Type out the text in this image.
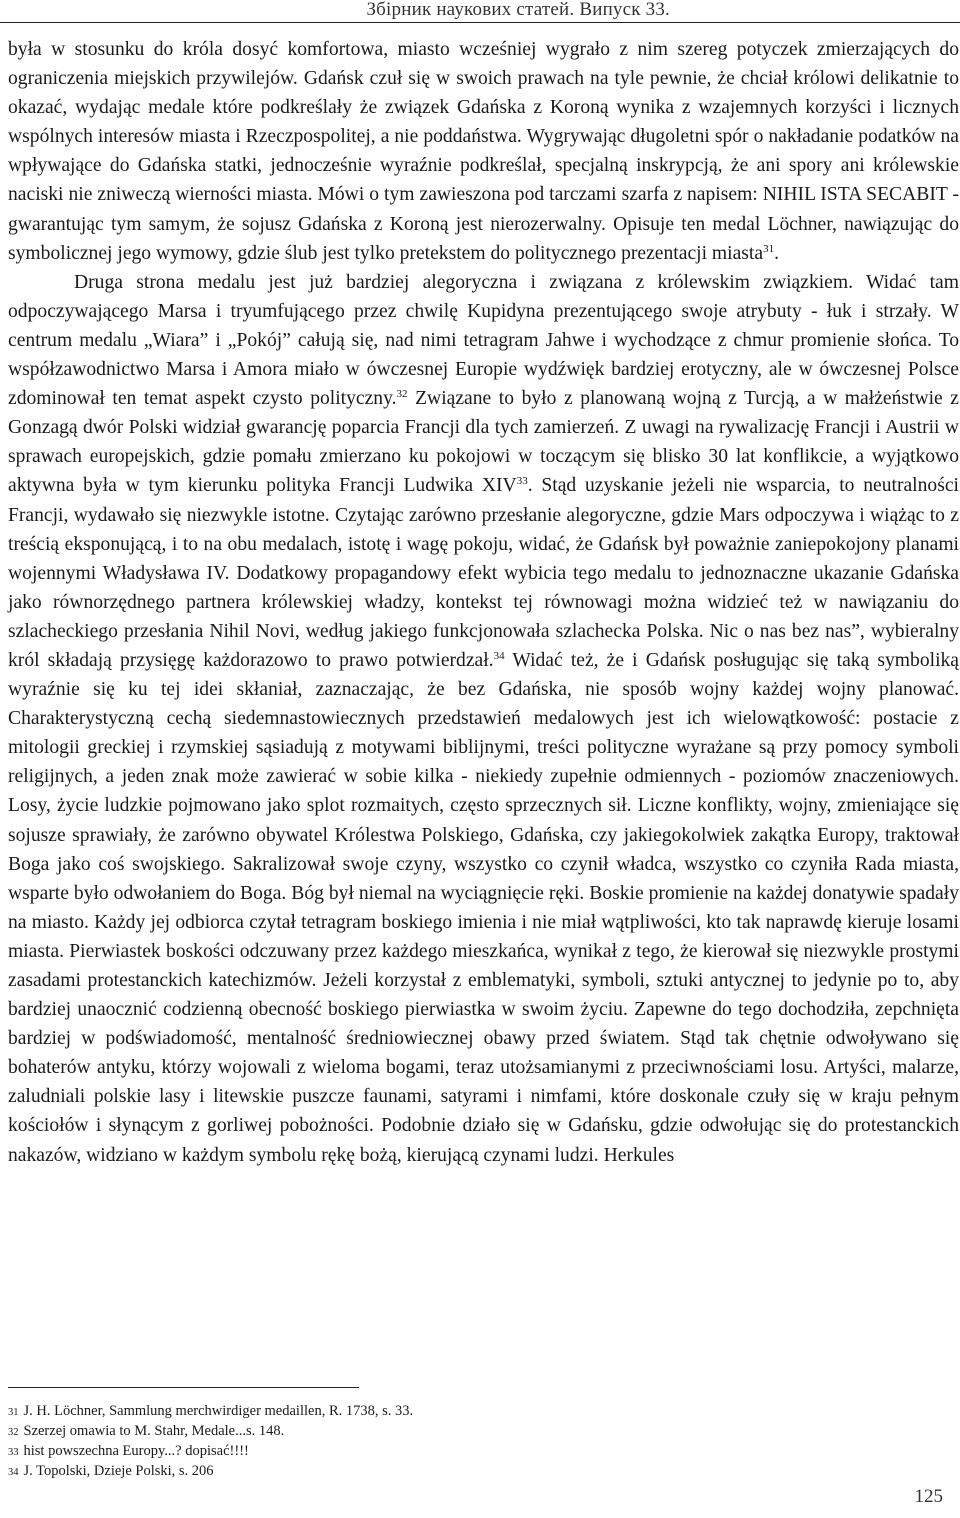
Збірник наукових статей. Випуск 33.

była w stosunku do króla dosyć komfortowa, miasto wcześniej wygrało z nim szereg potyczek zmierzających do ograniczenia miejskich przywilejów. Gdańsk czuł się w swoich prawach na tyle pewnie, że chciał królowi delikatnie to okazać, wydając medale które podkreślały że związek Gdańska z Koroną wynika z wzajemnych korzyści i licznych wspólnych interesów miasta i Rzeczpospolitej, a nie poddaństwa. Wygrywając długoletni spór o nakładanie podatków na wpływające do Gdańska statki, jednocześnie wyraźnie podkreślał, specjalną inskrypcją, że ani spory ani królewskie naciski nie zniweczą wierności miasta. Mówi o tym zawieszona pod tarczami szarfa z napisem: NIHIL ISTA SECABIT - gwarantując tym samym, że sojusz Gdańska z Koroną jest nierozerwalny. Opisuje ten medal Löchner, nawiązując do symbolicznej jego wymowy, gdzie ślub jest tylko pretekstem do politycznego prezentacji miasta$^{31}$.

Druga strona medalu jest już bardziej alegoryczna i związana z królewskim związkiem. Widać tam odpoczywającego Marsa i tryumfującego przez chwilę Kupidyna prezentującego swoje atrybuty - łuk i strzały. W centrum medalu „Wiara” i „Pokój” całują się, nad nimi tetragram Jahwe i wychodzące z chmur promienie słońca. To współzawodnictwo Marsa i Amora miało w ówczesnej Europie wydźwięk bardziej erotyczny, ale w ówczesnej Polsce zdominował ten temat aspekt czysto polityczny.$^{32}$ Związane to było z planowaną wojną z Turcją, a w małżeństwie z Gonzagą dwór Polski widział gwarancję poparcia Francji dla tych zamierzeń. Z uwagi na rywalizację Francji i Austrii w sprawach europejskich, gdzie pomału zmierzano ku pokojowi w toczącym się blisko 30 lat konflikcie, a wyjątkowo aktywna była w tym kierunku polityka Francji Ludwika XIV$^{33}$. Stąd uzyskanie jeżeli nie wsparcia, to neutralności Francji, wydawało się niezwykle istotne. Czytając zarówno przesłanie alegoryczne, gdzie Mars odpoczywa i wiążąc to z treścią eksponującą, i to na obu medalach, istotę i wagę pokoju, widać, że Gdańsk był poważnie zaniepokojony planami wojennymi Władysława IV. Dodatkowy propagandowy efekt wybicia tego medalu to jednoznaczne ukazanie Gdańska jako równorzędnego partnera królewskiej władzy, kontekst tej równowagi można widzieć też w nawiązaniu do szlacheckiego przesłania Nihil Novi, według jakiego funkcjonowała szlachecka Polska. Nic o nas bez nas”, wybieralny król składają przysięgę każdorazowo to prawo potwierdzał.$^{34}$ Widać też, że i Gdańsk posługując się taką symboliką wyraźnie się ku tej idei skłaniał, zaznaczając, że bez Gdańska, nie sposób wojny każdej wojny planować. Charakterystyczną cechą siedemnastowiecznych przedstawień medalowych jest ich wielowątkowość: postacie z mitologii greckiej i rzymskiej sąsiadują z motywami biblijnymi, treści polityczne wyrażane są przy pomocy symboli religijnych, a jeden znak może zawierać w sobie kilka - niekiedy zupełnie odmiennych - poziomów znaczeniowych. Losy, życie ludzkie pojmowano jako splot rozmaitych, często sprzecznych sił. Liczne konflikty, wojny, zmieniające się sojusze sprawiały, że zarówno obywatel Królestwa Polskiego, Gdańska, czy jakiegokolwiek zakątka Europy, traktował Boga jako coś swojskiego. Sakralizował swoje czyny, wszystko co czynił władca, wszystko co czyniła Rada miasta, wsparte było odwołaniem do Boga. Bóg był niemal na wyciągnięcie ręki. Boskie promienie na każdej donatywie spadały na miasto. Każdy jej odbiorca czytał tetragram boskiego imienia i nie miał wątpliwości, kto tak naprawdę kieruje losami miasta. Pierwiastek boskości odczuwany przez każdego mieszkańca, wynikał z tego, że kierował się niezwykle prostymi zasadami protestanckich katechizmów. Jeżeli korzystał z emblematyki, symboli, sztuki antycznej to jedynie po to, aby bardziej unaocznić codzienną obecność boskiego pierwiastka w swoim życiu. Zapewne do tego dochodziła, zepchnięta bardziej w podświadomość, mentalność średniowiecznej obawy przed światem. Stąd tak chętnie odwoływano się bohaterów antyku, którzy wojowali z wieloma bogami, teraz utożsamianymi z przeciwnościami losu. Artyści, malarze, zaludniali polskie lasy i litewskie puszcze faunami, satyrami i nimfami, które doskonale czuły się w kraju pełnym kościołów i słynącym z gorliwej pobożności. Podobnie działo się w Gdańsku, gdzie odwołując się do protestanckich nakazów, widziano w każdym symbolu rękę bożą, kierującą czynami ludzi. Herkules

31 J. H. Löchner, Sammlung merchwirdiger medaillen, R. 1738, s. 33.
32 Szerzej omawia to M. Stahr, Medale...s. 148.
33 hist powszechna Europy...? dopisać!!!!
34 J. Topolski, Dzieje Polski, s. 206
125
